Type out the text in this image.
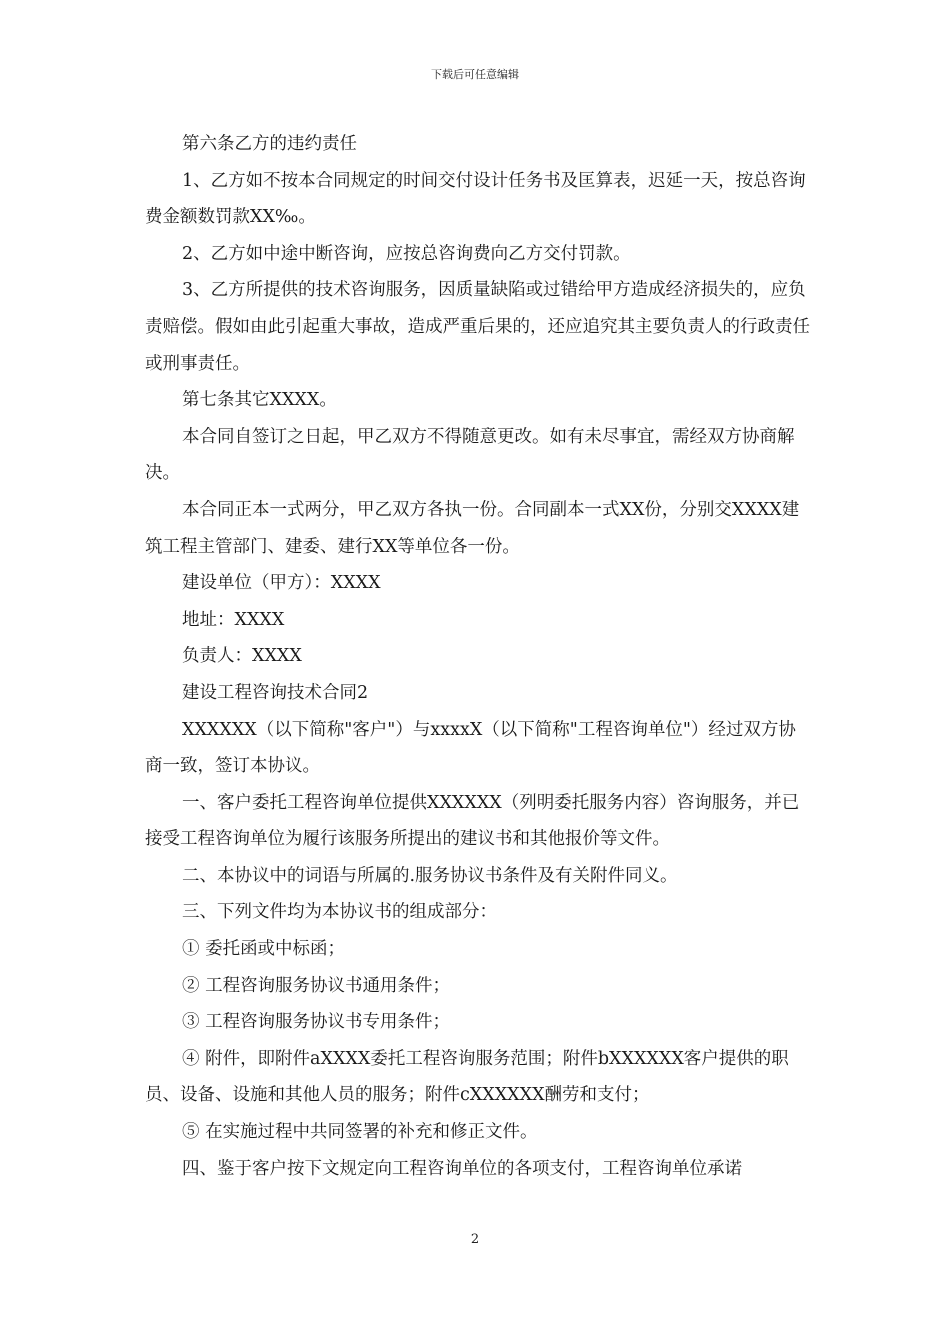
下载后可任意编辑

第六条乙方的违约责任

1、乙方如不按本合同规定的时间交付设计任务书及匡算表，迟延一天，按总咨询费金额数罚款XX‰。

2、乙方如中途中断咨询，应按总咨询费向乙方交付罚款。

3、乙方所提供的技术咨询服务，因质量缺陷或过错给甲方造成经济损失的，应负责赔偿。假如由此引起重大事故，造成严重后果的，还应追究其主要负责人的行政责任或刑事责任。

第七条其它XXXX。

本合同自签订之日起，甲乙双方不得随意更改。如有未尽事宜，需经双方协商解决。

本合同正本一式两分，甲乙双方各执一份。合同副本一式XX份，分别交XXXX建筑工程主管部门、建委、建行XX等单位各一份。

建设单位（甲方）：XXXX

地址：XXXX

负责人：XXXX

建设工程咨询技术合同2

XXXXXX（以下简称"客户"）与xxxxX（以下简称"工程咨询单位"）经过双方协商一致，签订本协议。

一、客户委托工程咨询单位提供XXXXXX（列明委托服务内容）咨询服务，并已接受工程咨询单位为履行该服务所提出的建议书和其他报价等文件。

二、本协议中的词语与所属的.服务协议书条件及有关附件同义。

三、下列文件均为本协议书的组成部分：

① 委托函或中标函；

② 工程咨询服务协议书通用条件；

③ 工程咨询服务协议书专用条件；

④ 附件，即附件aXXXX委托工程咨询服务范围；附件bXXXXXX客户提供的职员、设备、设施和其他人员的服务；附件cXXXXXX酬劳和支付；

⑤ 在实施过程中共同签署的补充和修正文件。

四、鉴于客户按下文规定向工程咨询单位的各项支付，工程咨询单位承诺

2
